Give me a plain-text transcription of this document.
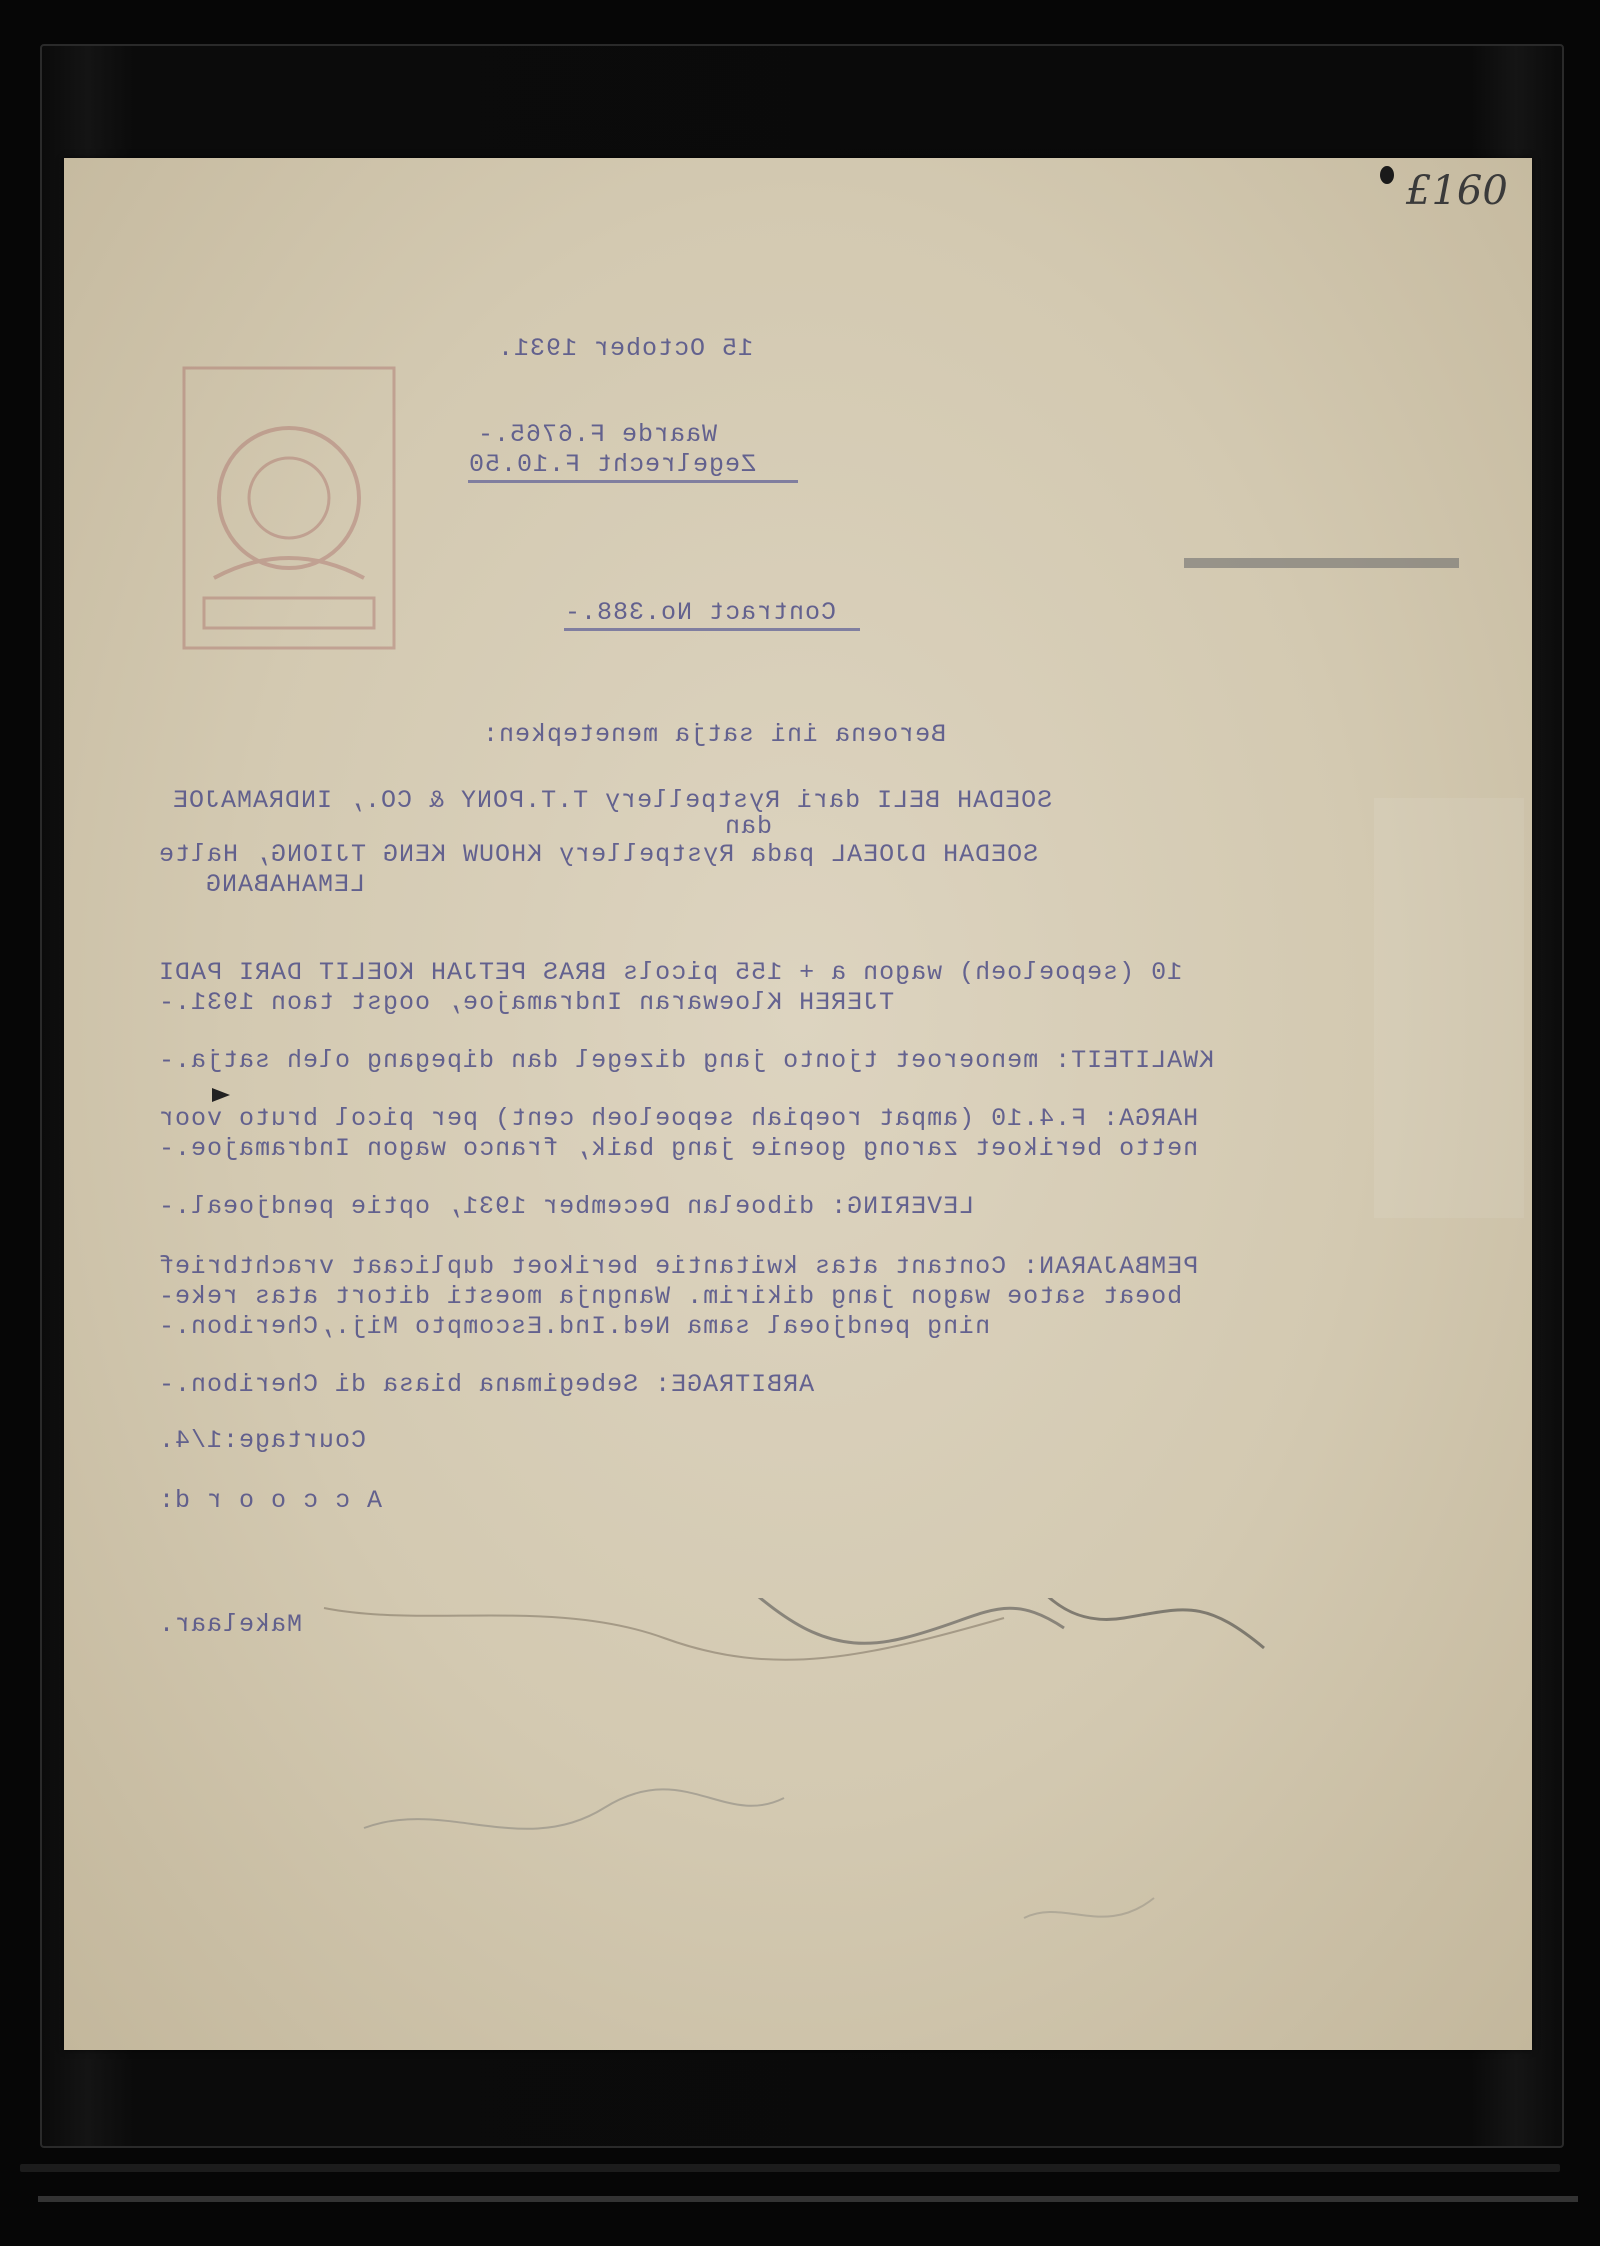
£160
15 October 1931.
Waarde F.6765.-
Zegelrecht F.10.50
Contract No.388.-
Beroena ini satja menetepken:
SOEDAH BELI dari Rystpellery T.T.PONY & CO., INDRAMAJOE
dan
SOEDAH DJOEAL pada Rystpellery KHOUW KENG TJIONG, Halte
LEMAHABANG
10 (sepoeloeh) wagon a + 155 picols BRAS PETJAH KOELIT DARI PADI
TJEREH Kloewaran Indramajoe, oogst taon 1931.-
KWALITEIT: menoeroet tjonto jang dizegel dan dipegang oleh satja.-
HARGA: F.4.10 (ampat roepiah sepoeloeh cent) per picol bruto voor
netto berikoet zarong goenie jang baik, franco wagon Indramajoe.-
LEVERING: diboelan December 1931, optie pendjoeal.-
PEMBAJARAN: Contant atas kwitantie berikoet duplicaat vrachtbrief
boeat satoe wagon jang dikirim. Wangnja moesti ditort atas reke-
ning pendjoeal sama Ned.Ind.Escompto Mij.,Cheribon.-
ARBITRAGE: Sebegimana biasa di Cheribon.-
Courtage:1/4.
A c c o o r d:
Makelaar.
